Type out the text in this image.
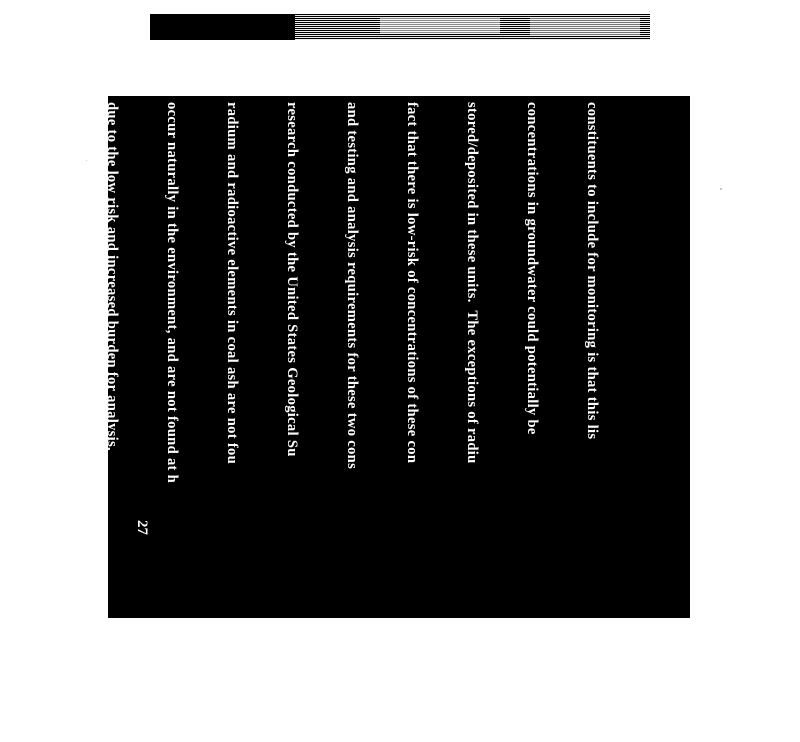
constituents to include for monitoring is that this lis

concentrations in groundwater could potentially be

stored/deposited in these units.  The exceptions of radiu

fact that there is low-risk of concentrations of these con

and testing and analysis requirements for these two cons

research conducted by the United States Geological Su

radium and radioactive elements in coal ash are not fou

occur naturally in the environment, and are not found at h

due to the low risk and increased burden for analysis,

constituents from testing.  The addition of specific con

27
